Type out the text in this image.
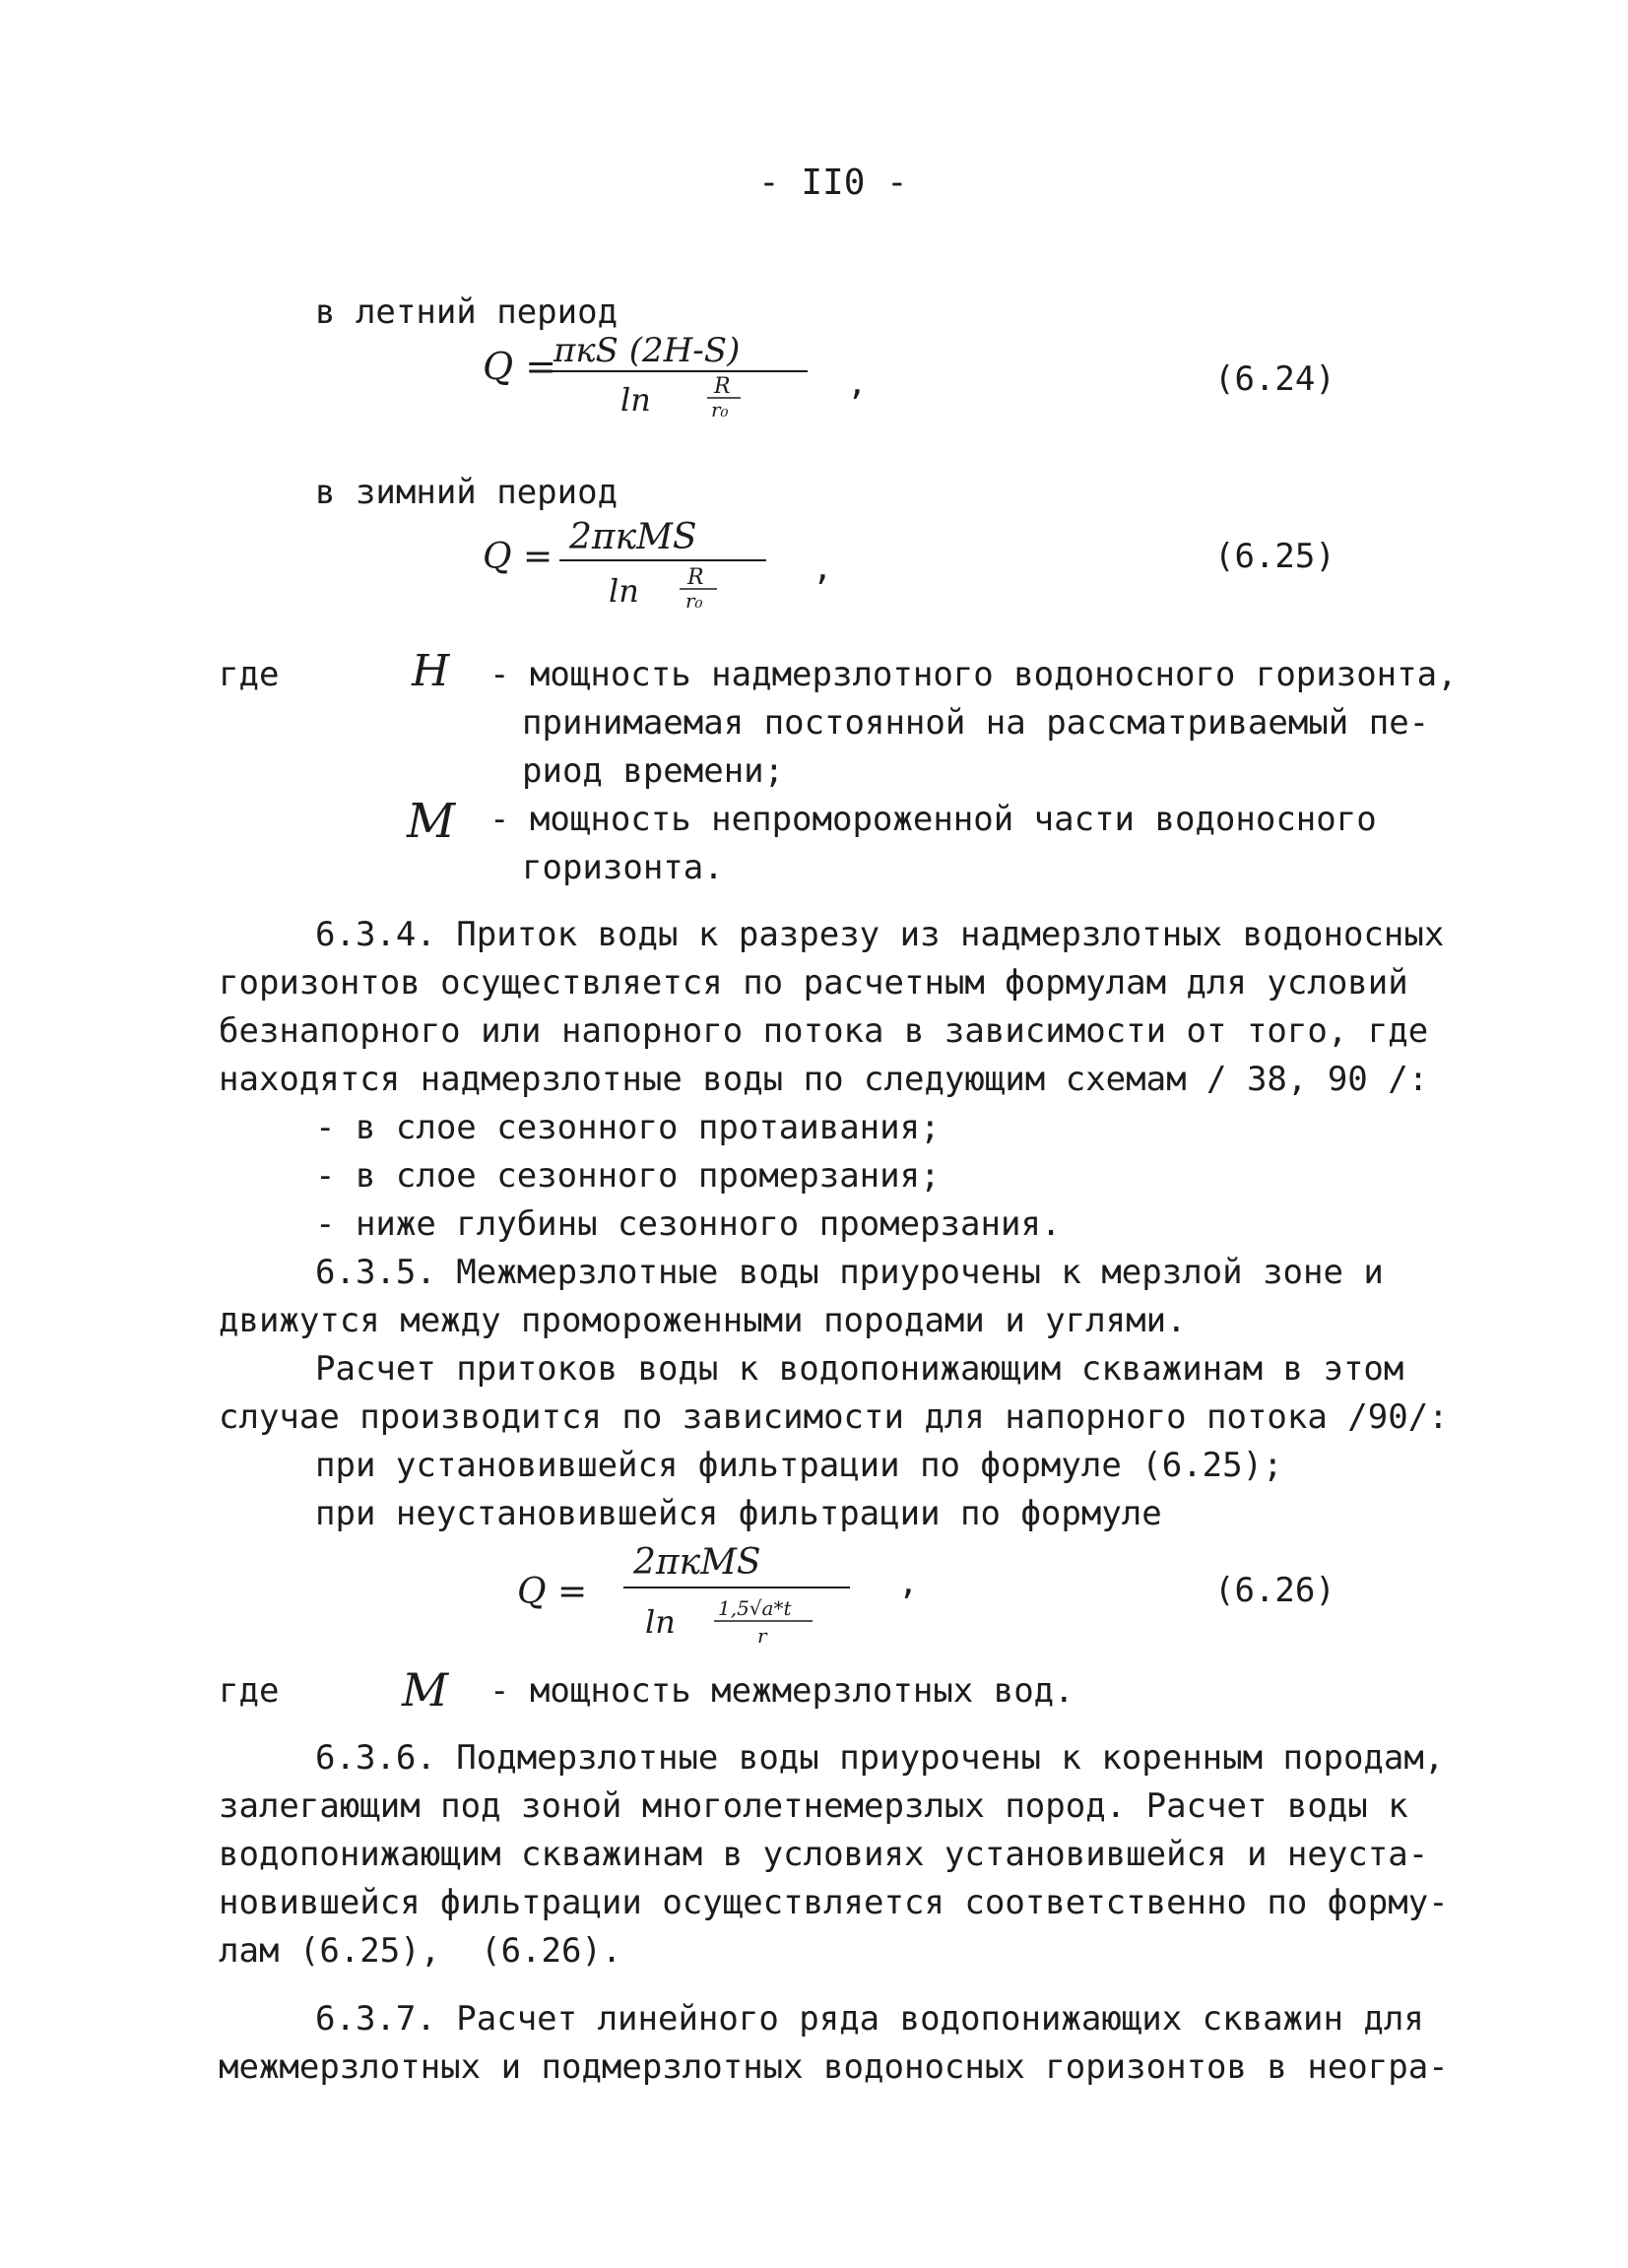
- II0 -
в летний период
Q =
πкS (2H-S)
ln	R
r₀
,	(6.24)
в зимний период
Q = 2πкMS
ln R
r₀
,	(6.25)
где	H - мощность надмерзлотного водоносного горизонта,
принимаемая постоянной на рассматриваемый пе-
риод времени;
M - мощность непромороженной части водоносного
горизонта.
6.3.4. Приток воды к разрезу из надмерзлотных водоносных
горизонтов осуществляется по расчетным формулам для условий
безнапорного или напорного потока в зависимости от того, где
находятся надмерзлотные воды по следующим схемам / 38, 90 /:
- в слое сезонного протаивания;
- в слое сезонного промерзания;
- ниже глубины сезонного промерзания.
6.3.5. Межмерзлотные воды приурочены к мерзлой зоне и
движутся между промороженными породами и углями.
Расчет притоков воды к водопонижающим скважинам в этом
случае производится по зависимости для напорного потока /90/:
при установившейся фильтрации по формуле (6.25);
при неустановившейся фильтрации по формуле
Q =
2πкMS
ln 1,5√a*t
r
,	(6.26)
где	M - мощность межмерзлотных вод.
6.3.6. Подмерзлотные воды приурочены к коренным породам,
залегающим под зоной многолетнемерзлых пород. Расчет воды к
водопонижающим скважинам в условиях установившейся и неуста-
новившейся фильтрации осуществляется соответственно по форму-
лам (6.25),  (6.26).
6.3.7. Расчет линейного ряда водопонижающих скважин для
межмерзлотных и подмерзлотных водоносных горизонтов в неогра-
